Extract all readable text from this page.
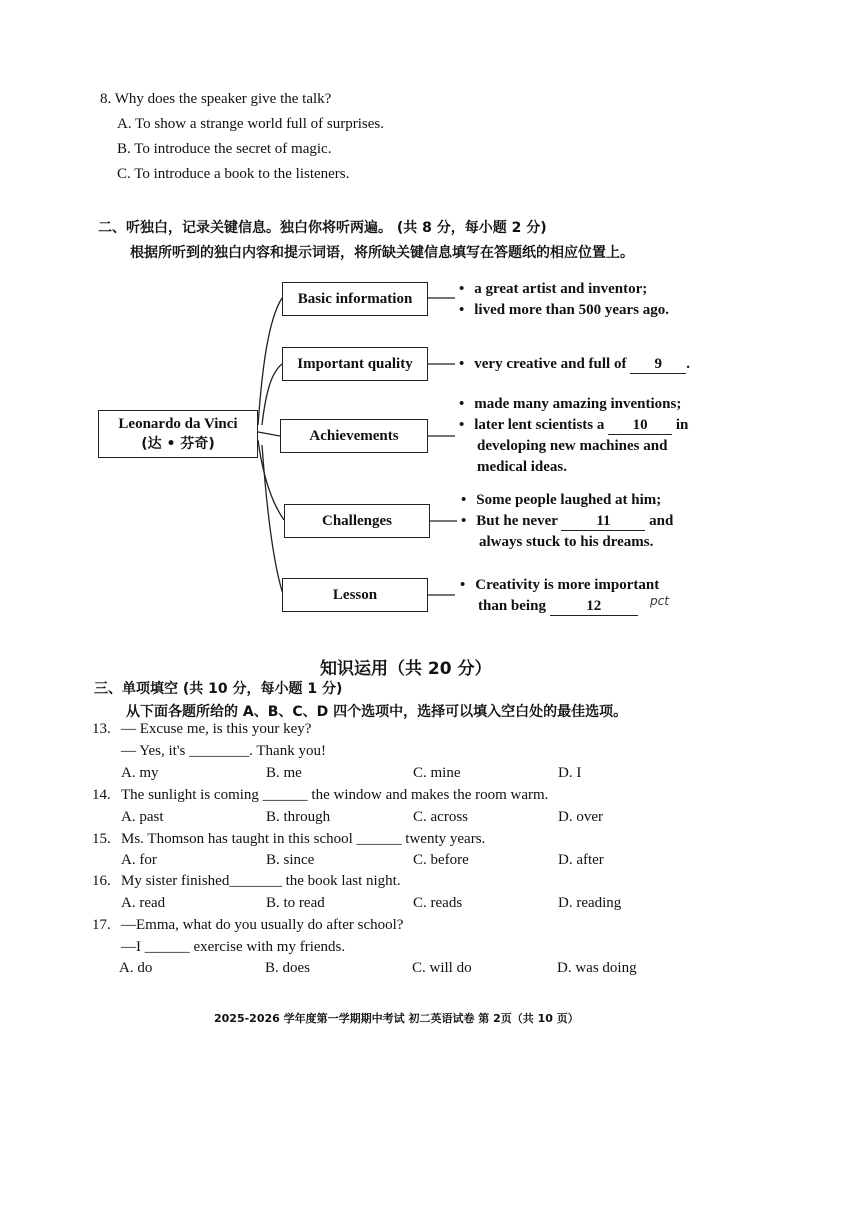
8. Why does the speaker give the talk?
A. To show a strange world full of surprises.
B. To introduce the secret of magic.
C. To introduce a book to the listeners.
二、听独白，记录关键信息。独白你将听两遍。 (共 8 分，每小题 2 分)
根据所听到的独白内容和提示词语，将所缺关键信息填写在答题纸的相应位置上。
Leonardo da Vinci
(达 • 芬奇)
Basic information
Important quality
Achievements
Challenges
Lesson
• a great artist and inventor;
• lived more than 500 years ago.
• very creative and full of 9 .
• made many amazing inventions;
• later lent scientists a 10 in
developing new machines and
medical ideas.
• Some people laughed at him;
• But he never 11 and
always stuck to his dreams.
• Creativity is more important
than being 12	pct
知识运用（共 20 分）
三、单项填空 (共 10 分，每小题 1 分)
从下面各题所给的 A、B、C、D 四个选项中，选择可以填入空白处的最佳选项。
13. — Excuse me, is this your key?
— Yes, it's ________. Thank you!
A. my	B. me	C. mine	D. I
14. The sunlight is coming ______ the window and makes the room warm.
A. past	B. through	C. across	D. over
15. Ms. Thomson has taught in this school ______ twenty years.
A. for	B. since	C. before	D. after
16. My sister finished_______ the book last night.
A. read	B. to read	C. reads	D. reading
17. —Emma, what do you usually do after school?
—I ______ exercise with my friends.
A. do	B. does	C. will do	D. was doing
2025-2026 学年度第一学期期中考试 初二英语试卷 第 2页（共 10 页）
